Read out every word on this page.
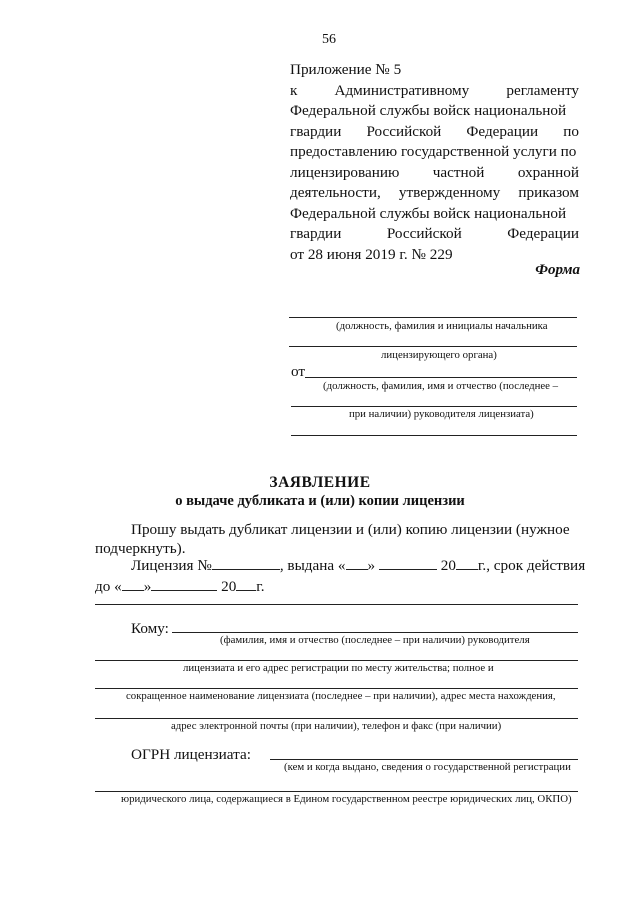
56
Приложение № 5
к Административному регламенту
Федеральной службы войск национальной
гвардии Российской Федерации по
предоставлению государственной услуги по
лицензированию частной охранной
деятельности, утвержденному приказом
Федеральной службы войск национальной
гвардии	Российской	Федерации
от 28 июня 2019 г. № 229
Форма
(должность, фамилия и инициалы начальника
лицензирующего органа)
от
(должность, фамилия, имя и отчество (последнее –
при наличии) руководителя лицензиата)
ЗАЯВЛЕНИЕ
о выдаче дубликата и (или) копии лицензии
Прошу выдать дубликат лицензии и (или) копию лицензии (нужное
подчеркнуть).
Лицензия №	, выдана « »	20 г., срок действия
до « »	20 г.
Кому:
(фамилия, имя и отчество (последнее – при наличии) руководителя
лицензиата и его адрес регистрации по месту жительства; полное и
сокращенное наименование лицензиата (последнее – при наличии), адрес места нахождения,
адрес электронной почты (при наличии), телефон и факс (при наличии)
ОГРН лицензиата:
(кем и когда выдано, сведения о государственной регистрации
юридического лица, содержащиеся в Едином государственном реестре юридических лиц, ОКПО)
